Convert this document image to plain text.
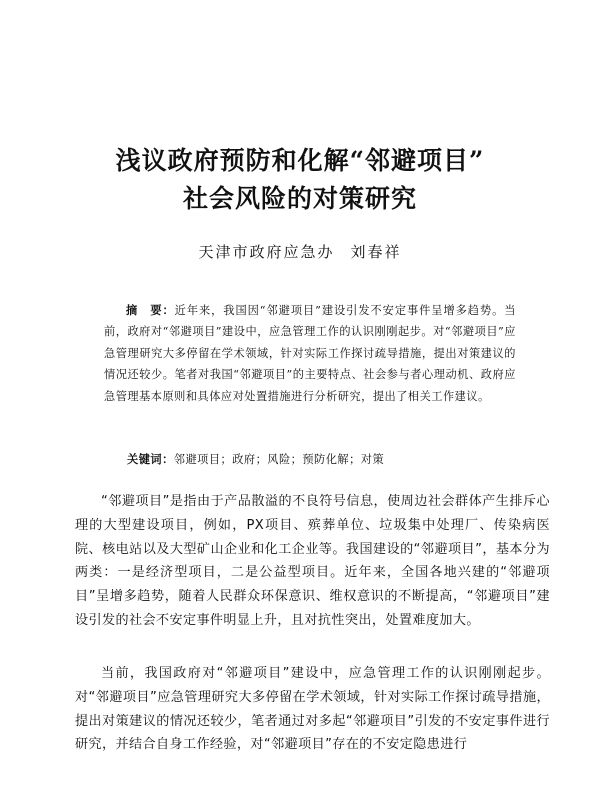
浅议政府预防和化解“邻避项目”
社会风险的对策研究
天津市政府应急办 刘春祥

摘　要：近年来，我国因“邻避项目”建设引发不安定事件呈增多趋势。当前，政府对“邻避项目”建设中，应急管理工作的认识刚刚起步。对“邻避项目”应急管理研究大多停留在学术领域，针对实际工作探讨疏导措施，提出对策建议的情况还较少。笔者对我国“邻避项目”的主要特点、社会参与者心理动机、政府应急管理基本原则和具体应对处置措施进行分析研究，提出了相关工作建议。

关键词：邻避项目；政府；风险；预防化解；对策

“邻避项目”是指由于产品散溢的不良符号信息，使周边社会群体产生排斥心理的大型建设项目，例如，PX项目、殡葬单位、垃圾集中处理厂、传染病医院、核电站以及大型矿山企业和化工企业等。我国建设的“邻避项目”，基本分为两类：一是经济型项目，二是公益型项目。近年来，全国各地兴建的“邻避项目”呈增多趋势，随着人民群众环保意识、维权意识的不断提高，“邻避项目”建设引发的社会不安定事件明显上升，且对抗性突出，处置难度加大。

当前，我国政府对“邻避项目”建设中，应急管理工作的认识刚刚起步。对“邻避项目”应急管理研究大多停留在学术领域，针对实际工作探讨疏导措施，提出对策建议的情况还较少，笔者通过对多起“邻避项目”引发的不安定事件进行研究，并结合自身工作经验，对“邻避项目”存在的不安定隐患进行
